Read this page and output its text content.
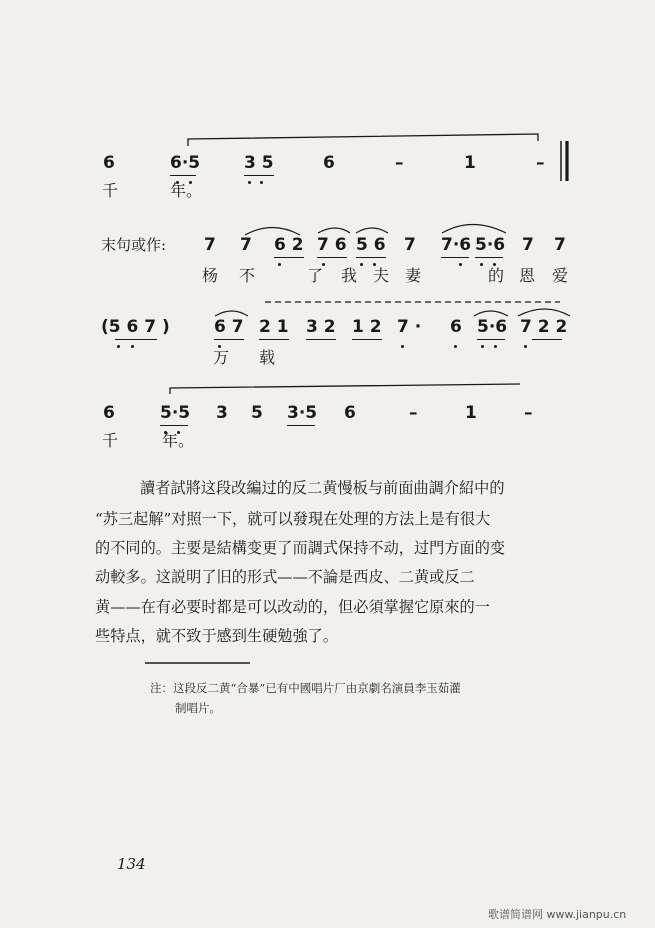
6	6·5	3 5	6	–	1	–
千	年。
末句或作: 7 7 6 2 7 6 5 6 7 7·6 5·6 7 7
杨 不	了 我 夫 妻	的 恩 爱
(5 6 7 )	6 7 2 1 3 2 1 2 7 · 6 5·6 7 2 2
万 载
6	5·5 3 5 3·5 6	–	1	–
千	年。
讀者試將这段改編过的反二黄慢板与前面曲調介紹中的
“苏三起解”对照一下，就可以發現在处理的方法上是有很大
的不同的。主要是結構变更了而調式保持不动，过門方面的变
动較多。这説明了旧的形式——不論是西皮、二黄或反二
黄——在有必要时都是可以改动的，但必須掌握它原來的一
些特点，就不致于感到生硬勉強了。
注：这段反二黄“合暴”已有中國唱片厂由京劇名演員李玉茹灌
制唱片。
134
歌谱简谱网 www.jianpu.cn
